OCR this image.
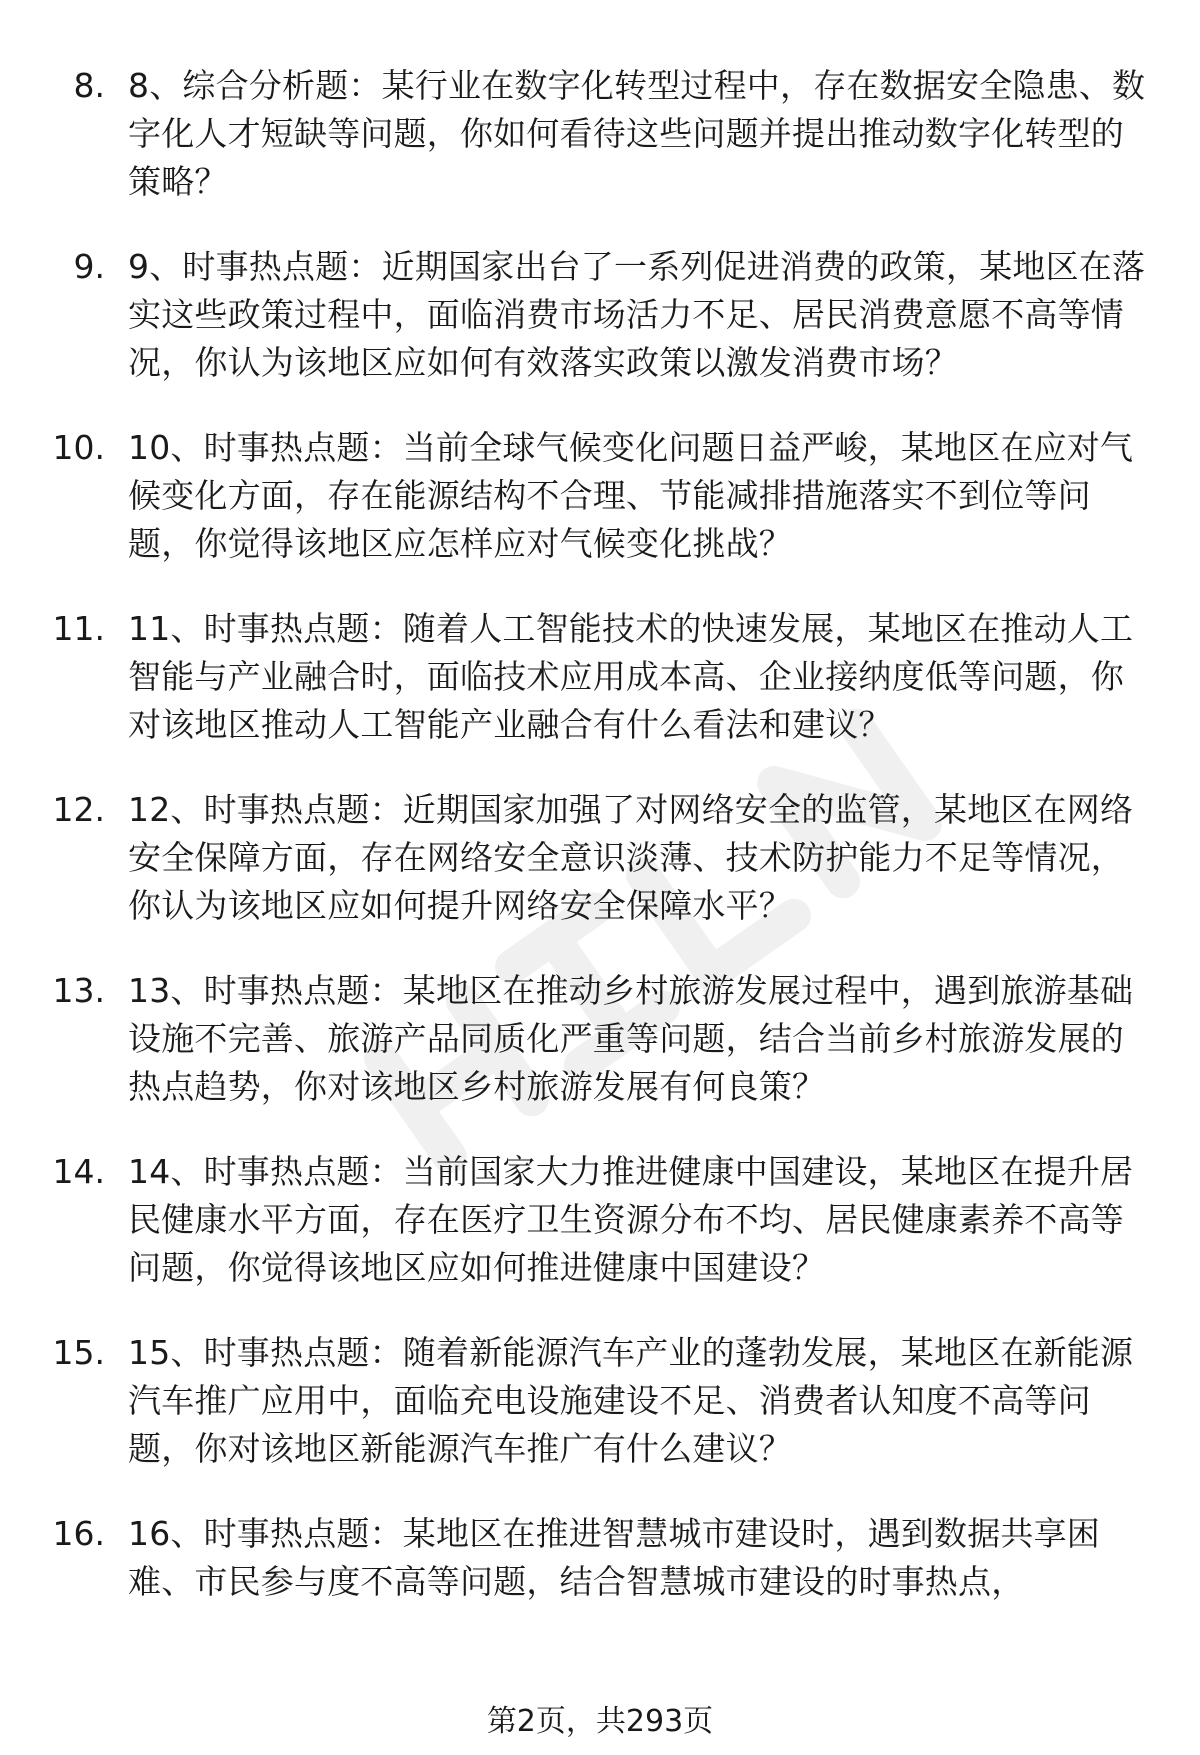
8. 8、综合分析题：某行业在数字化转型过程中，存在数据安全隐患、数字化人才短缺等问题，你如何看待这些问题并提出推动数字化转型的策略？
9. 9、时事热点题：近期国家出台了一系列促进消费的政策，某地区在落实这些政策过程中，面临消费市场活力不足、居民消费意愿不高等情况，你认为该地区应如何有效落实政策以激发消费市场？
10. 10、时事热点题：当前全球气候变化问题日益严峻，某地区在应对气候变化方面，存在能源结构不合理、节能减排措施落实不到位等问题，你觉得该地区应怎样应对气候变化挑战？
11. 11、时事热点题：随着人工智能技术的快速发展，某地区在推动人工智能与产业融合时，面临技术应用成本高、企业接纳度低等问题，你对该地区推动人工智能产业融合有什么看法和建议？
12. 12、时事热点题：近期国家加强了对网络安全的监管，某地区在网络安全保障方面，存在网络安全意识淡薄、技术防护能力不足等情况，你认为该地区应如何提升网络安全保障水平？
13. 13、时事热点题：某地区在推动乡村旅游发展过程中，遇到旅游基础设施不完善、旅游产品同质化严重等问题，结合当前乡村旅游发展的热点趋势，你对该地区乡村旅游发展有何良策？
14. 14、时事热点题：当前国家大力推进健康中国建设，某地区在提升居民健康水平方面，存在医疗卫生资源分布不均、居民健康素养不高等问题，你觉得该地区应如何推进健康中国建设？
15. 15、时事热点题：随着新能源汽车产业的蓬勃发展，某地区在新能源汽车推广应用中，面临充电设施建设不足、消费者认知度不高等问题，你对该地区新能源汽车推广有什么建议？
16. 16、时事热点题：某地区在推进智慧城市建设时，遇到数据共享困难、市民参与度不高等问题，结合智慧城市建设的时事热点，
第2页，共293页
